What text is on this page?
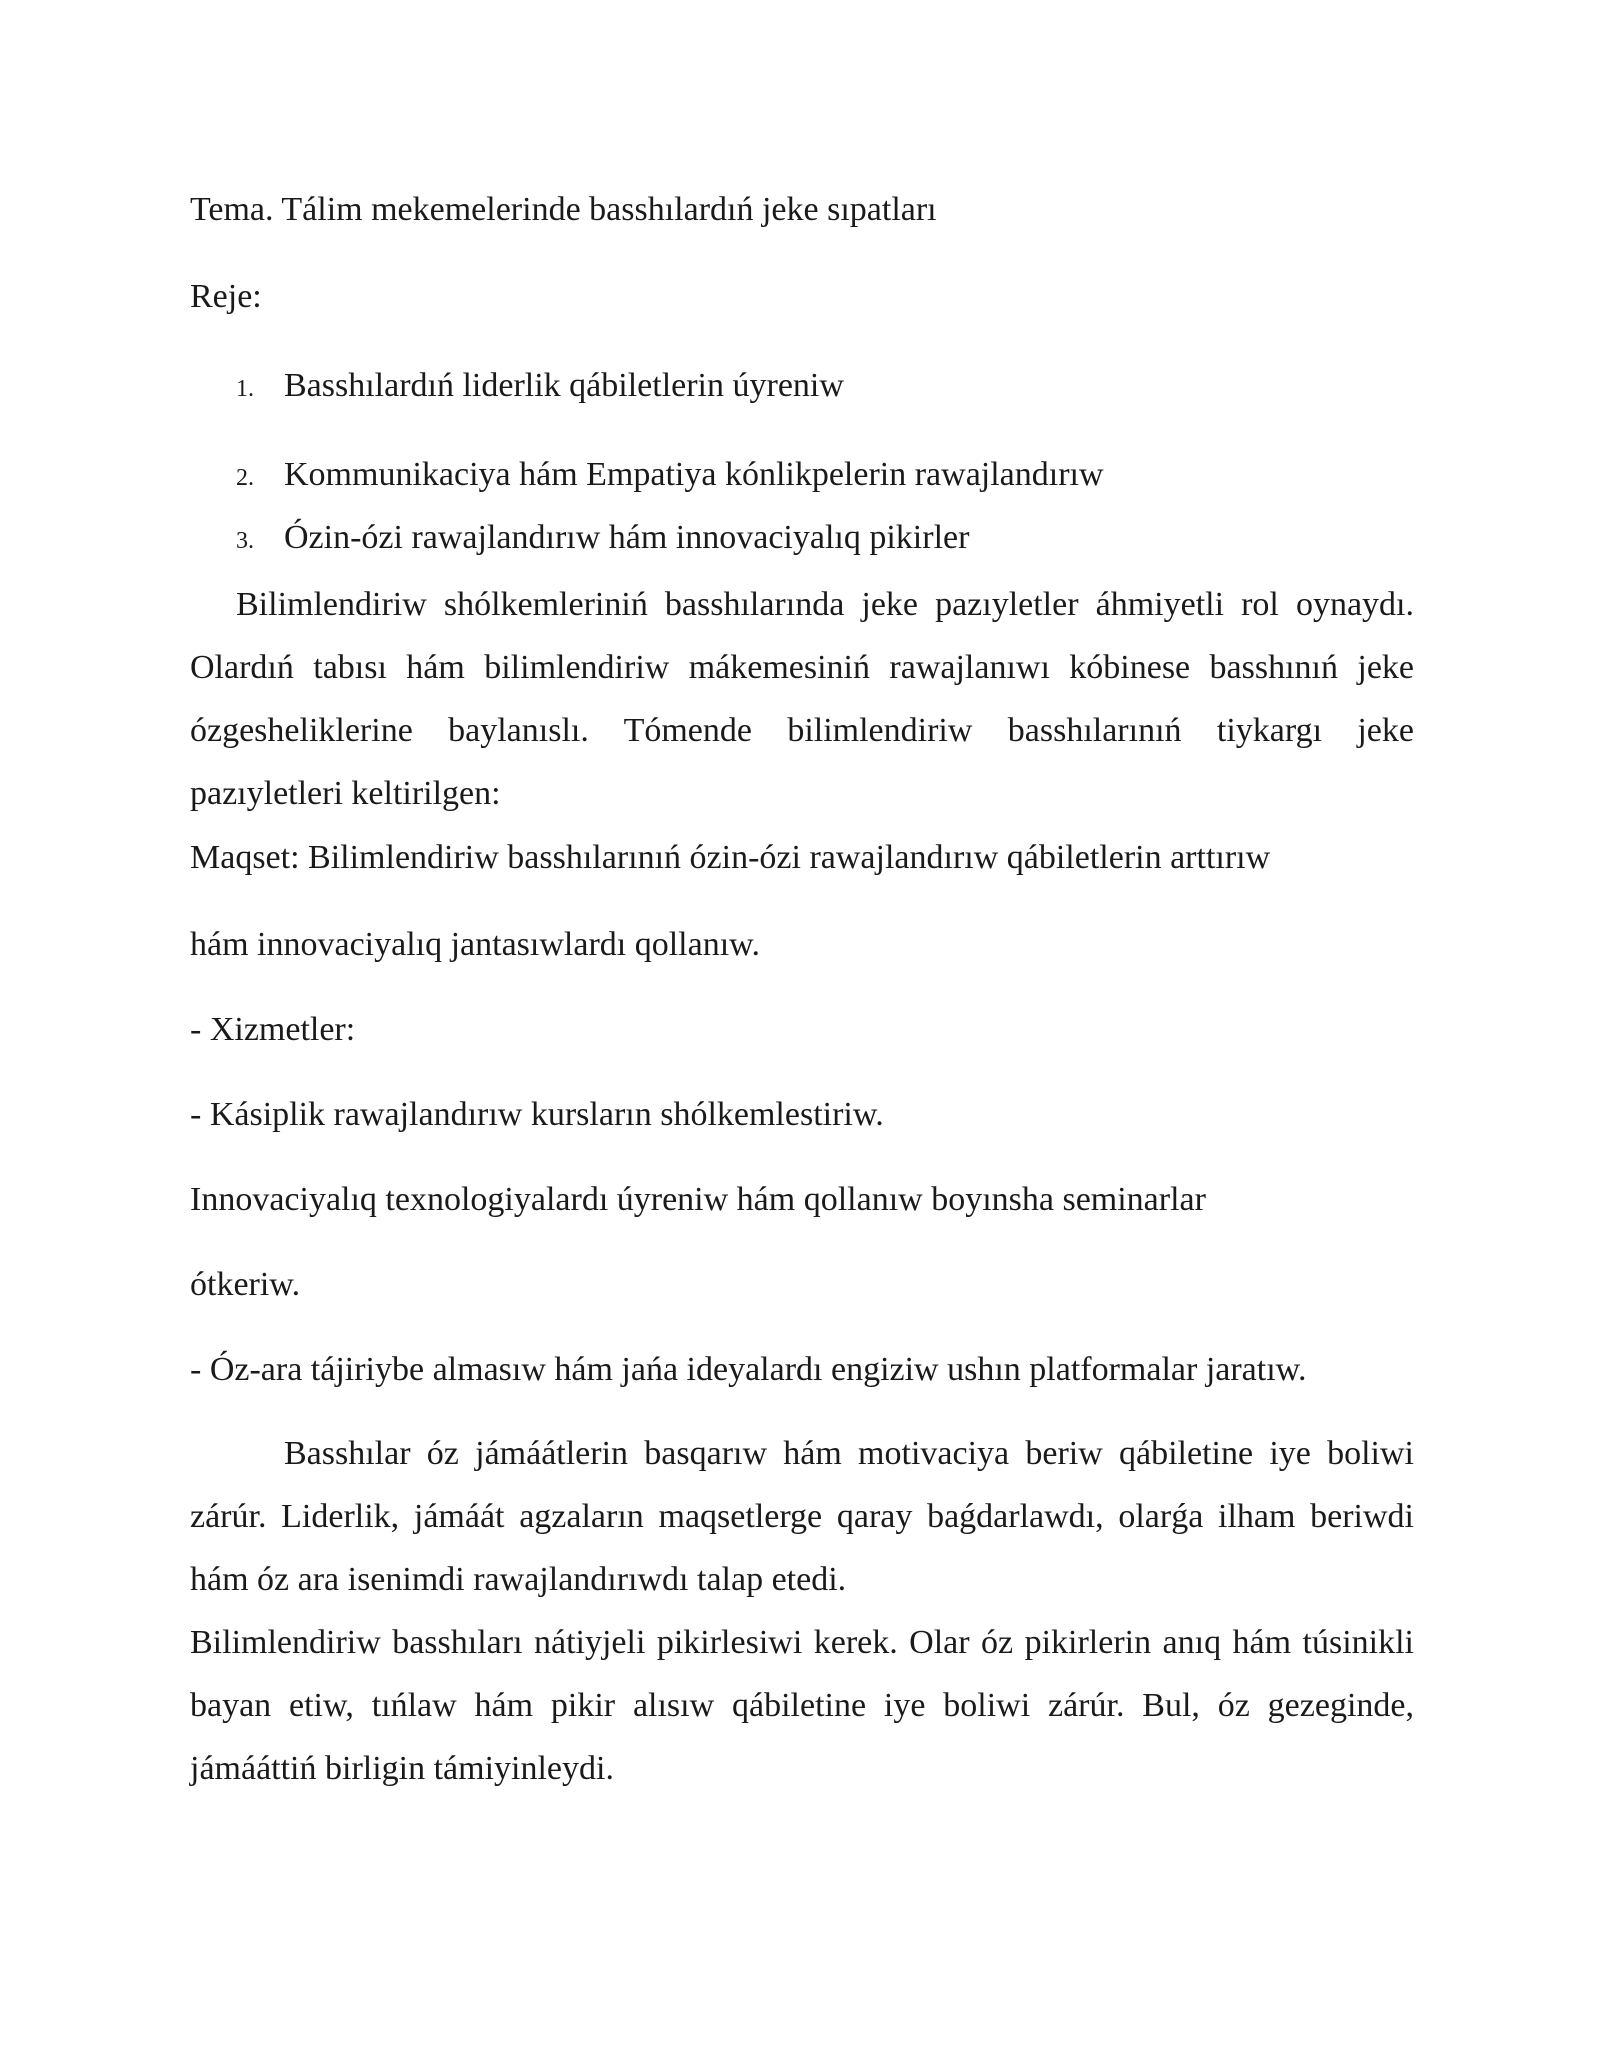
Tema. Tálim mekemelerinde basshılardıń jeke sıpatları

Reje:

1. Basshılardıń liderlik qábiletlerin úyreniw

2. Kommunikaciya hám Empatiya kónlikpelerin rawajlandırıw

3. Ózin-ózi rawajlandırıw hám innovaciyalıq pikirler

Bilimlendiriw shólkemleriniń basshılarında jeke pazıyletler áhmiyetli rol oynaydı. Olardıń tabısı hám bilimlendiriw mákemesiniń rawajlanıwı kóbinese basshınıń jeke ózgesheliklerine baylanıslı. Tómende bilimlendiriw basshılarınıń tiykargı jeke pazıyletleri keltirilgen:

Maqset: Bilimlendiriw basshılarınıń ózin-ózi rawajlandırıw qábiletlerin arttırıw

hám innovaciyalıq jantasıwlardı qollanıw.

- Xizmetler:

- Kásiplik rawajlandırıw kursların shólkemlestiriw.

Innovaciyalıq texnologiyalardı úyreniw hám qollanıw boyınsha seminarlar

ótkeriw.

- Óz-ara tájiriybe almasıw hám jańa ideyalardı engiziw ushın platformalar jaratıw.

Basshılar óz jámáátlerin basqarıw hám motivaciya beriw qábiletine iye boliwi zárúr. Liderlik, jámáát agzaların maqsetlerge qaray baǵdarlawdı, olarǵa ilham beriwdi hám óz ara isenimdi rawajlandırıwdı talap etedi.

Bilimlendiriw basshıları nátiyjeli pikirlesiwi kerek. Olar óz pikirlerin anıq hám túsinikli bayan etiw, tıńlaw hám pikir alısıw qábiletine iye boliwi zárúr. Bul, óz gezeginde, jámááttiń birligin támiyinleydi.
